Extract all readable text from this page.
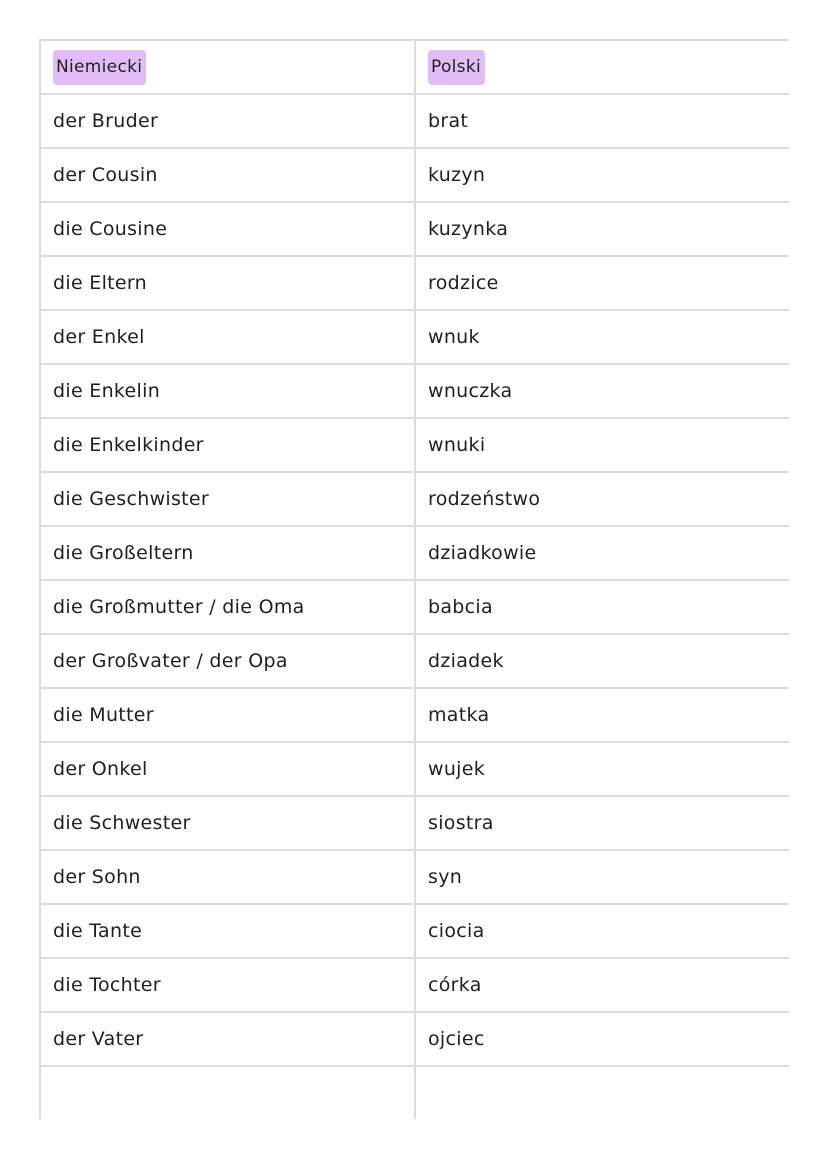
Niemiecki	Polski
der Bruder	brat
der Cousin	kuzyn
die Cousine	kuzynka
die Eltern	rodzice
der Enkel	wnuk
die Enkelin	wnuczka
die Enkelkinder	wnuki
die Geschwister	rodzeństwo
die Großeltern	dziadkowie
die Großmutter / die Oma	babcia
der Großvater / der Opa	dziadek
die Mutter	matka
der Onkel	wujek
die Schwester	siostra
der Sohn	syn
die Tante	ciocia
die Tochter	córka
der Vater	ojciec
